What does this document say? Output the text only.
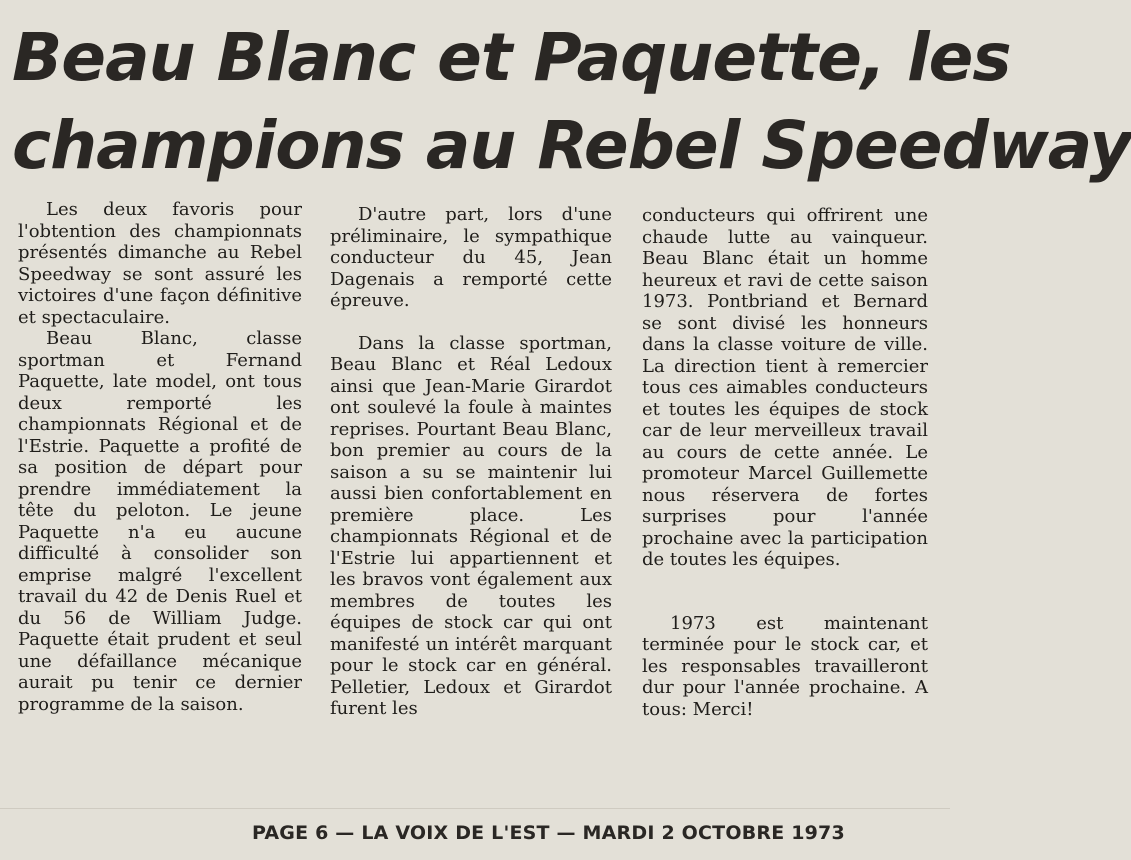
Beau Blanc et Paquette, les
champions au Rebel Speedway

Les deux favoris pour l'obtention des championnats présentés dimanche au Rebel Speedway se sont assuré les victoires d'une façon définitive et spectaculaire.

Beau Blanc, classe sportman et Fernand Paquette, late model, ont tous deux remporté les championnats Régional et de l'Estrie. Paquette a profité de sa position de départ pour prendre immédiatement la tête du peloton. Le jeune Paquette n'a eu aucune difficulté à consolider son emprise malgré l'excellent travail du 42 de Denis Ruel et du 56 de William Judge. Paquette était prudent et seul une défaillance mécanique aurait pu tenir ce dernier programme de la saison.

D'autre part, lors d'une préliminaire, le sympathique conducteur du 45, Jean Dagenais a remporté cette épreuve.

Dans la classe sportman, Beau Blanc et Réal Ledoux ainsi que Jean-Marie Girardot ont soulevé la foule à maintes reprises. Pourtant Beau Blanc, bon premier au cours de la saison a su se maintenir lui aussi bien confortablement en première place. Les championnats Régional et de l'Estrie lui appartiennent et les bravos vont également aux membres de toutes les équipes de stock car qui ont manifesté un intérêt marquant pour le stock car en général. Pelletier, Ledoux et Girardot furent les

conducteurs qui offrirent une chaude lutte au vainqueur. Beau Blanc était un homme heureux et ravi de cette saison 1973. Pontbriand et Bernard se sont divisé les honneurs dans la classe voiture de ville. La direction tient à remercier tous ces aimables conducteurs et toutes les équipes de stock car de leur merveilleux travail au cours de cette année. Le promoteur Marcel Guillemette nous réservera de fortes surprises pour l'année prochaine avec la participation de toutes les équipes.

1973 est maintenant terminée pour le stock car, et les responsables travailleront dur pour l'année prochaine. A tous: Merci!

PAGE 6 — LA VOIX DE L'EST — MARDI 2 OCTOBRE 1973
